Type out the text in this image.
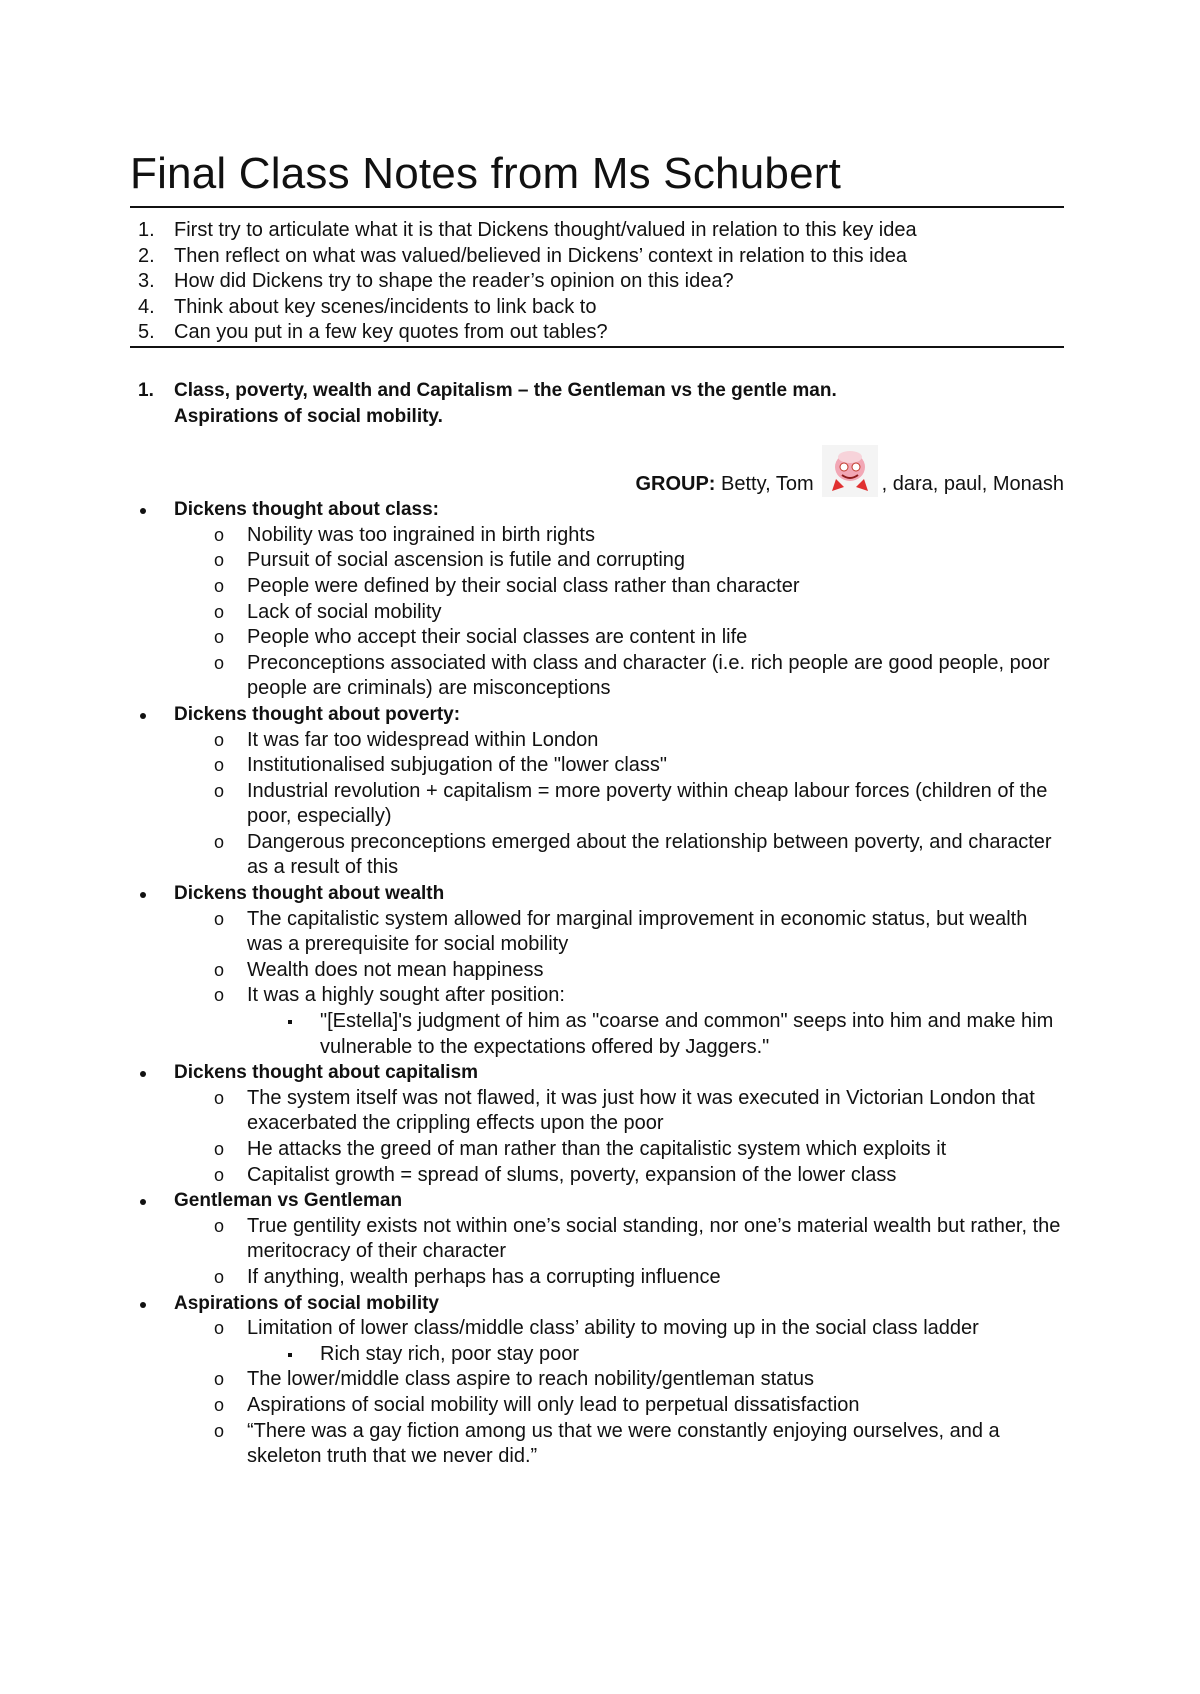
Final Class Notes from Ms Schubert
1. First try to articulate what it is that Dickens thought/valued in relation to this key idea
2. Then reflect on what was valued/believed in Dickens’ context in relation to this idea
3. How did Dickens try to shape the reader’s opinion on this idea?
4. Think about key scenes/incidents to link back to
5. Can you put in a few key quotes from out tables?
1. Class, poverty, wealth and Capitalism – the Gentleman vs the gentle man.
Aspirations of social mobility.
GROUP: Betty, Tom	, dara, paul, Monash
Dickens thought about class:
o Nobility was too ingrained in birth rights
o Pursuit of social ascension is futile and corrupting
o People were defined by their social class rather than character
o Lack of social mobility
o People who accept their social classes are content in life
o Preconceptions associated with class and character (i.e. rich people are good people, poor people are criminals) are misconceptions
Dickens thought about poverty:
o It was far too widespread within London
o Institutionalised subjugation of the "lower class"
o Industrial revolution + capitalism = more poverty within cheap labour forces (children of the poor, especially)
o Dangerous preconceptions emerged about the relationship between poverty, and character as a result of this
Dickens thought about wealth
o The capitalistic system allowed for marginal improvement in economic status, but wealth was a prerequisite for social mobility
o Wealth does not mean happiness
o It was a highly sought after position:
"[Estella]'s judgment of him as "coarse and common" seeps into him and make him vulnerable to the expectations offered by Jaggers."
Dickens thought about capitalism
o The system itself was not flawed, it was just how it was executed in Victorian London that exacerbated the crippling effects upon the poor
o He attacks the greed of man rather than the capitalistic system which exploits it
o Capitalist growth = spread of slums, poverty, expansion of the lower class
Gentleman vs Gentleman
o True gentility exists not within one’s social standing, nor one’s material wealth but rather, the meritocracy of their character
o If anything, wealth perhaps has a corrupting influence
Aspirations of social mobility
o Limitation of lower class/middle class’ ability to moving up in the social class ladder
Rich stay rich, poor stay poor
o The lower/middle class aspire to reach nobility/gentleman status
o Aspirations of social mobility will only lead to perpetual dissatisfaction
o “There was a gay fiction among us that we were constantly enjoying ourselves, and a skeleton truth that we never did.”
